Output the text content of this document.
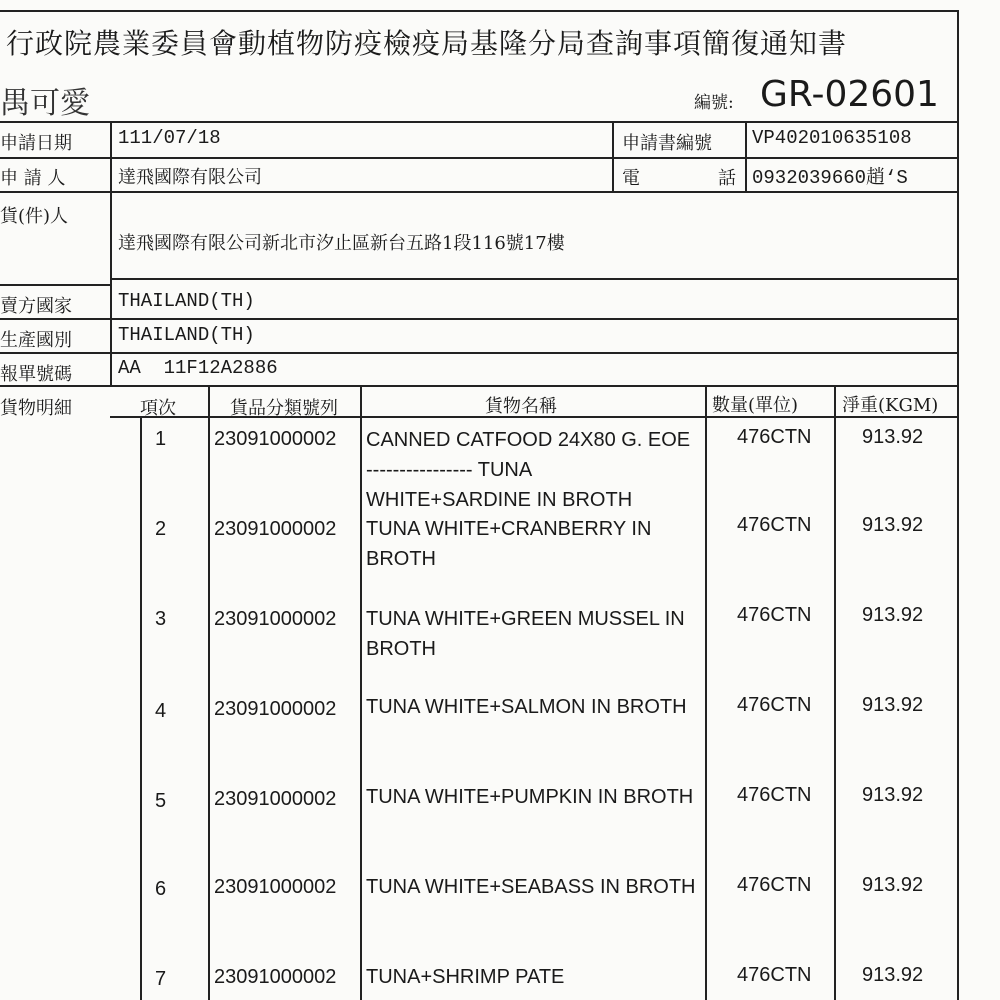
行政院農業委員會動植物防疫檢疫局基隆分局查詢事項簡復通知書
禺可愛	編號: GR-02601
申請日期 111/07/18	申請書編號 VP402010635108
申 請 人	達飛國際有限公司	電	話 0932039660趙‘S
貨(件)人
達飛國際有限公司新北市汐止區新台五路1段116號17樓
賣方國家 THAILAND(TH)
生產國別 THAILAND(TH)
報單號碼 AA  11F12A2886
貨物明細	項次	貨品分類號列	貨物名稱	數量(單位) 淨重(KGM)
1 23091000002 CANNED CATFOOD 24X80 G. EOE
---------------- TUNA
WHITE+SARDINE IN BROTH
476CTN	913.92
2 23091000002 TUNA WHITE+CRANBERRY IN
BROTH
476CTN	913.92
3 23091000002 TUNA WHITE+GREEN MUSSEL IN
BROTH
476CTN	913.92
4 23091000002 TUNA WHITE+SALMON IN BROTH	476CTN	913.92
5 23091000002 TUNA WHITE+PUMPKIN IN BROTH 476CTN	913.92
6 23091000002 TUNA WHITE+SEABASS IN BROTH 476CTN	913.92
7 23091000002 TUNA+SHRIMP PATE	476CTN	913.92
